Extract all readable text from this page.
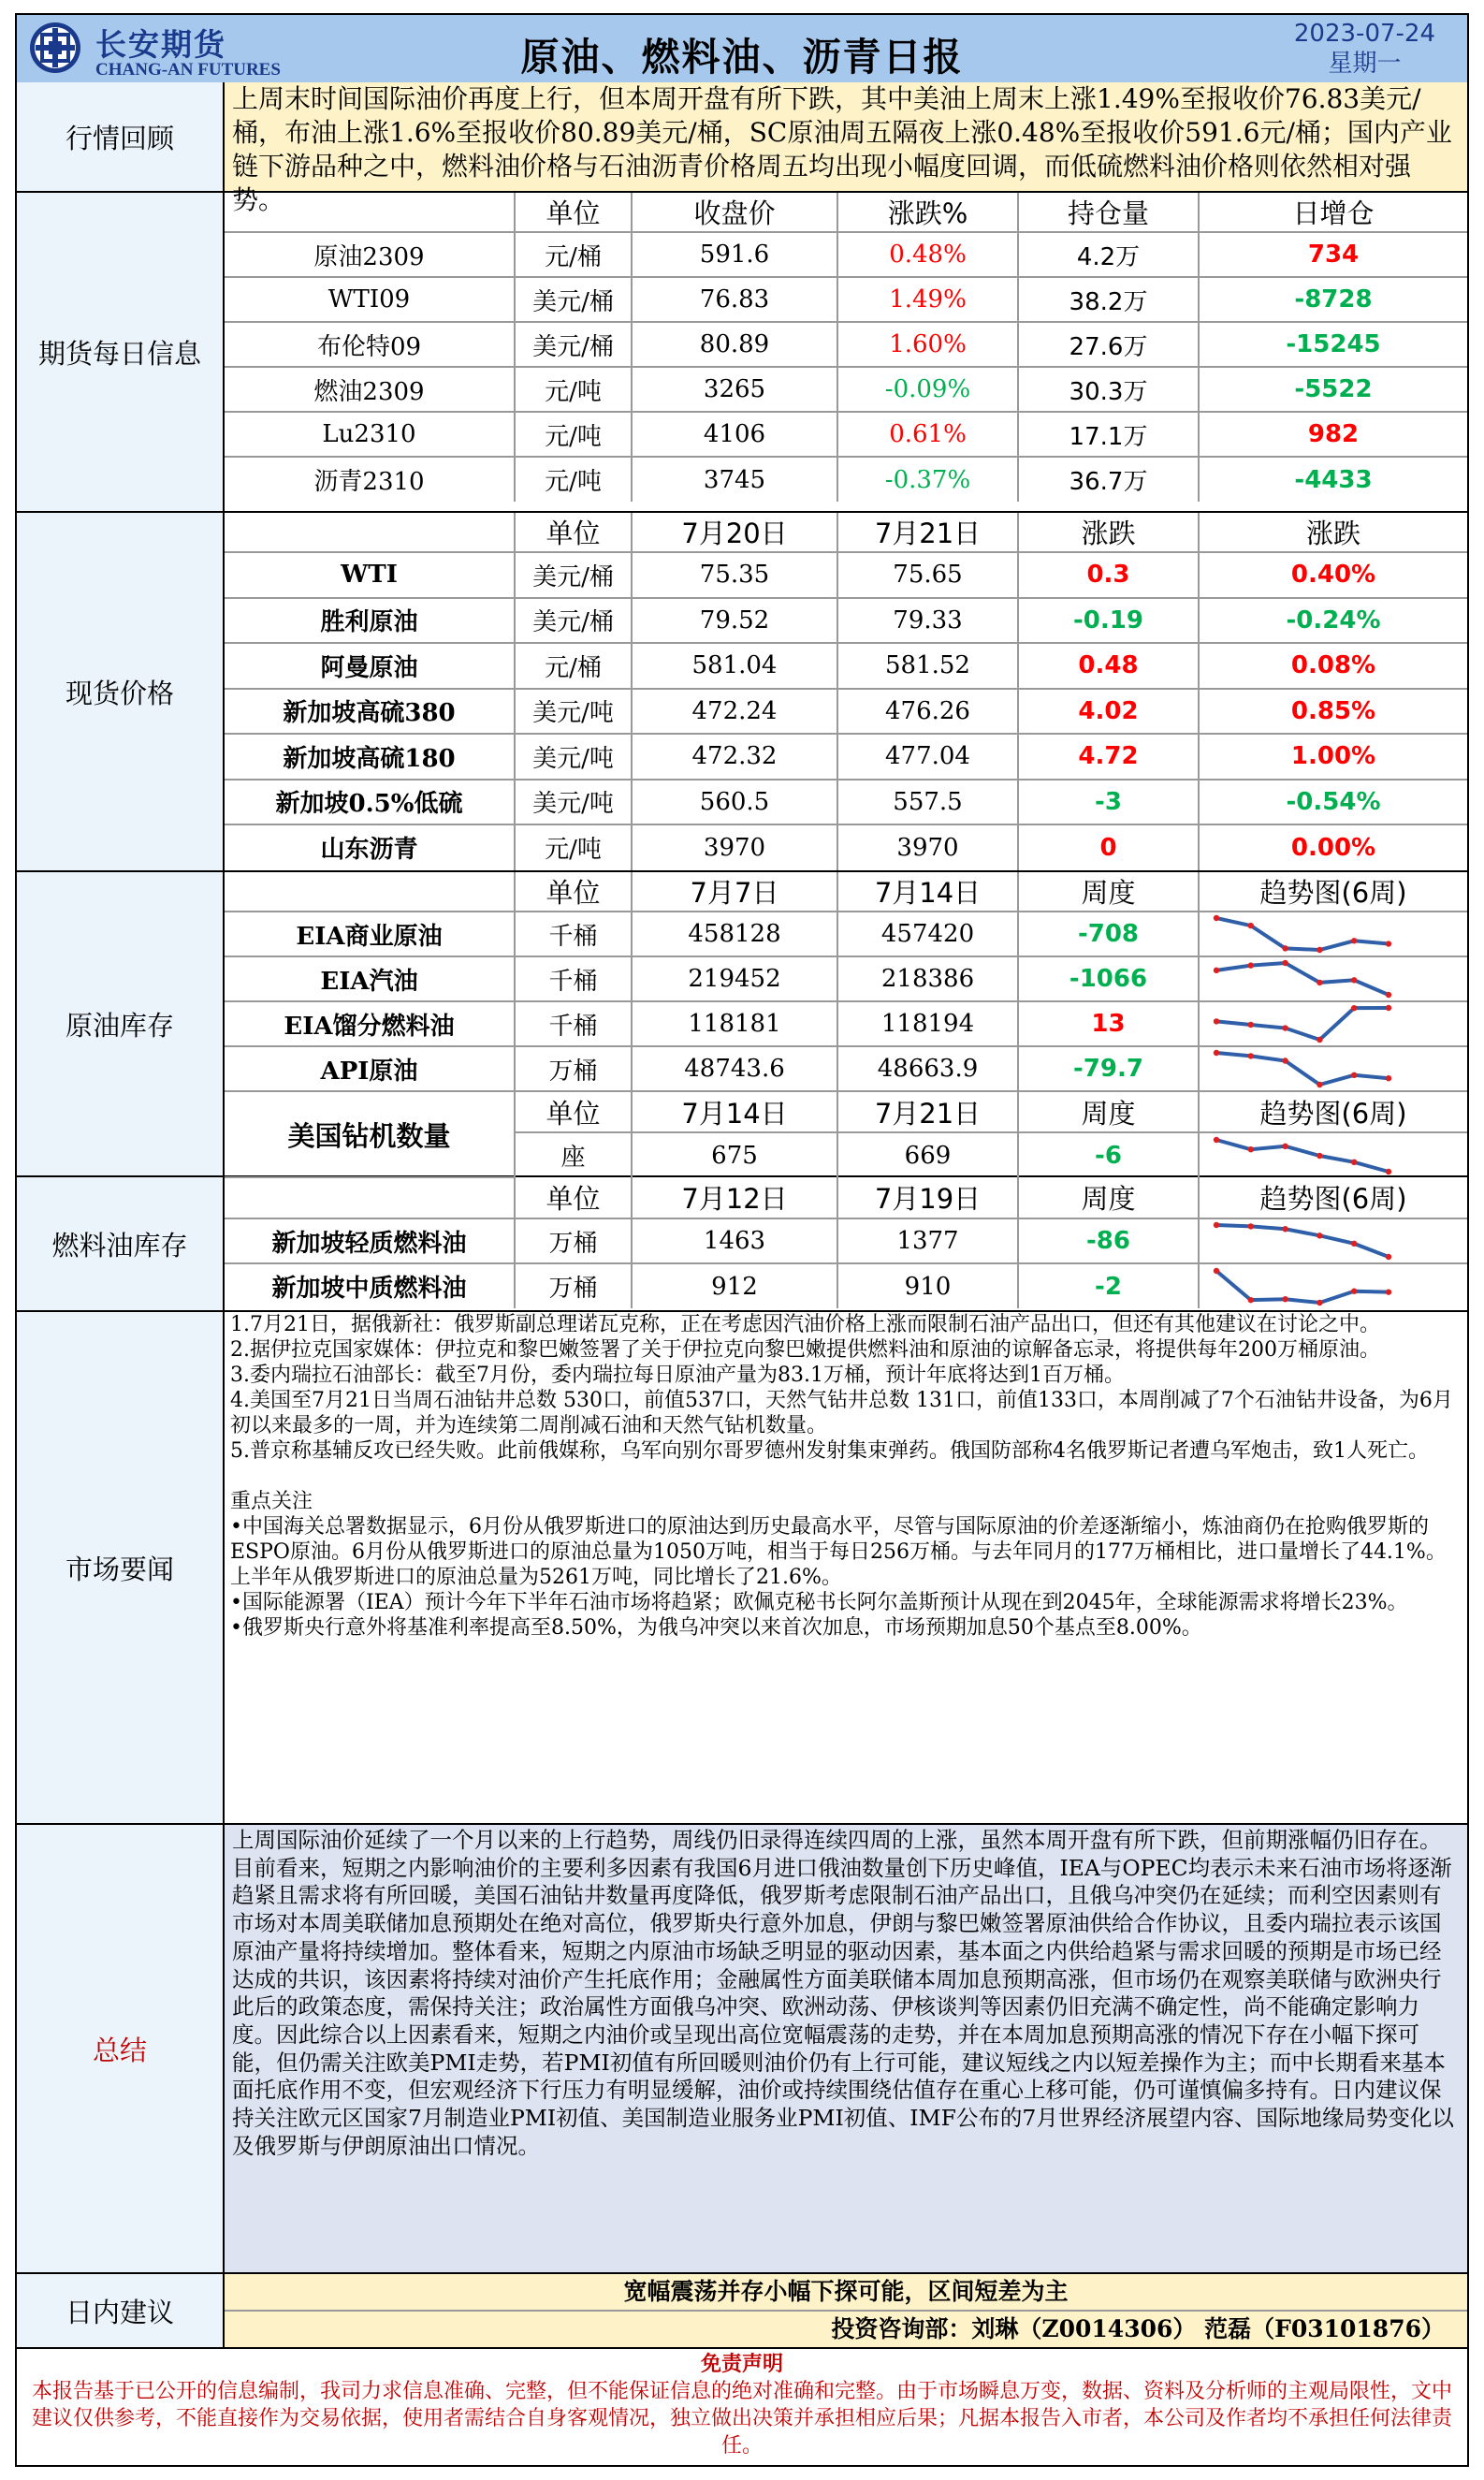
长安期货
CHANG-AN FUTURES	原油、燃料油、沥青日报
2023-07-24
星期一
行情回顾
上周末时间国际油价再度上行，但本周开盘有所下跌，其中美油上周末上涨1.49%至报收价76.83美元/桶，布油上涨1.6%至报收价80.89美元/桶，SC原油周五隔夜上涨0.48%至报收价591.6元/桶；国内产业链下游品种之中，燃料油价格与石油沥青价格周五均出现小幅度回调，而低硫燃料油价格则依然相对强势。
期货每日信息
	单位	收盘价	涨跌%	持仓量	日增仓
原油2309	元/桶	591.6	0.48%	4.2万	734
WTI09	美元/桶	76.83	1.49%	38.2万	-8728
布伦特09	美元/桶	80.89	1.60%	27.6万	-15245
燃油2309	元/吨	3265	-0.09%	30.3万	-5522
Lu2310	元/吨	4106	0.61%	17.1万	982
沥青2310	元/吨	3745	-0.37%	36.7万	-4433
现货价格
	单位	7月20日	7月21日	涨跌	涨跌
WTI	美元/桶	75.35	75.65	0.3	0.40%
胜利原油	美元/桶	79.52	79.33	-0.19	-0.24%
阿曼原油	元/桶	581.04	581.52	0.48	0.08%
新加坡高硫380	美元/吨	472.24	476.26	4.02	0.85%
新加坡高硫180	美元/吨	472.32	477.04	4.72	1.00%
新加坡0.5%低硫	美元/吨	560.5	557.5	-3	-0.54%
山东沥青	元/吨	3970	3970	0	0.00%
原油库存
	单位	7月7日	7月14日	周度	趋势图(6周)
EIA商业原油	千桶	458128	457420	-708	

EIA汽油	千桶	219452	218386	-1066	

EIA馏分燃料油	千桶	118181	118194	13	

API原油	万桶	48743.6	48663.9	-79.7	

美国钻机数量	单位	7月14日	7月21日	周度	趋势图(6周)
	座	675	669	-6	
燃料油库存
	单位	7月12日	7月19日	周度	趋势图(6周)
新加坡轻质燃料油	万桶	1463	1377	-86	

新加坡中质燃料油	万桶	912	910	-2	
市场要闻

1.7月21日，据俄新社：俄罗斯副总理诺瓦克称，正在考虑因汽油价格上涨而限制石油产品出口，但还有其他建议在讨论之中。

2.据伊拉克国家媒体：伊拉克和黎巴嫩签署了关于伊拉克向黎巴嫩提供燃料油和原油的谅解备忘录，将提供每年200万桶原油。

3.委内瑞拉石油部长：截至7月份，委内瑞拉每日原油产量为83.1万桶，预计年底将达到1百万桶。

4.美国至7月21日当周石油钻井总数 530口，前值537口，天然气钻井总数 131口，前值133口，本周削减了7个石油钻井设备，为6月初以来最多的一周，并为连续第二周削减石油和天然气钻机数量。

5.普京称基辅反攻已经失败。此前俄媒称，乌军向别尔哥罗德州发射集束弹药。俄国防部称4名俄罗斯记者遭乌军炮击，致1人死亡。

重点关注

•中国海关总署数据显示，6月份从俄罗斯进口的原油达到历史最高水平，尽管与国际原油的价差逐渐缩小，炼油商仍在抢购俄罗斯的ESPO原油。6月份从俄罗斯进口的原油总量为1050万吨，相当于每日256万桶。与去年同月的177万桶相比，进口量增长了44.1%。上半年从俄罗斯进口的原油总量为5261万吨，同比增长了21.6%。

•国际能源署（IEA）预计今年下半年石油市场将趋紧；欧佩克秘书长阿尔盖斯预计从现在到2045年，全球能源需求将增长23%。

•俄罗斯央行意外将基准利率提高至8.50%，为俄乌冲突以来首次加息，市场预期加息50个基点至8.00%。

总结
上周国际油价延续了一个月以来的上行趋势，周线仍旧录得连续四周的上涨，虽然本周开盘有所下跌，但前期涨幅仍旧存在。目前看来，短期之内影响油价的主要利多因素有我国6月进口俄油数量创下历史峰值，IEA与OPEC均表示未来石油市场将逐渐趋紧且需求将有所回暖，美国石油钻井数量再度降低，俄罗斯考虑限制石油产品出口，且俄乌冲突仍在延续；而利空因素则有市场对本周美联储加息预期处在绝对高位，俄罗斯央行意外加息，伊朗与黎巴嫩签署原油供给合作协议，且委内瑞拉表示该国原油产量将持续增加。整体看来，短期之内原油市场缺乏明显的驱动因素，基本面之内供给趋紧与需求回暖的预期是市场已经达成的共识，该因素将持续对油价产生托底作用；金融属性方面美联储本周加息预期高涨，但市场仍在观察美联储与欧洲央行此后的政策态度，需保持关注；政治属性方面俄乌冲突、欧洲动荡、伊核谈判等因素仍旧充满不确定性，尚不能确定影响力度。因此综合以上因素看来，短期之内油价或呈现出高位宽幅震荡的走势，并在本周加息预期高涨的情况下存在小幅下探可能，但仍需关注欧美PMI走势，若PMI初值有所回暖则油价仍有上行可能，建议短线之内以短差操作为主；而中长期看来基本面托底作用不变，但宏观经济下行压力有明显缓解，油价或持续围绕估值存在重心上移可能，仍可谨慎偏多持有。日内建议保持关注欧元区国家7月制造业PMI初值、美国制造业服务业PMI初值、IMF公布的7月世界经济展望内容、国际地缘局势变化以及俄罗斯与伊朗原油出口情况。
日内建议
宽幅震荡并存小幅下探可能，区间短差为主
投资咨询部：刘琳（Z0014306） 范磊（F03101876）
免责声明
本报告基于已公开的信息编制，我司力求信息准确、完整，但不能保证信息的绝对准确和完整。由于市场瞬息万变，数据、资料及分析师的主观局限性，文中建议仅供参考，不能直接作为交易依据，使用者需结合自身客观情况，独立做出决策并承担相应后果；凡据本报告入市者，本公司及作者均不承担任何法律责任。
